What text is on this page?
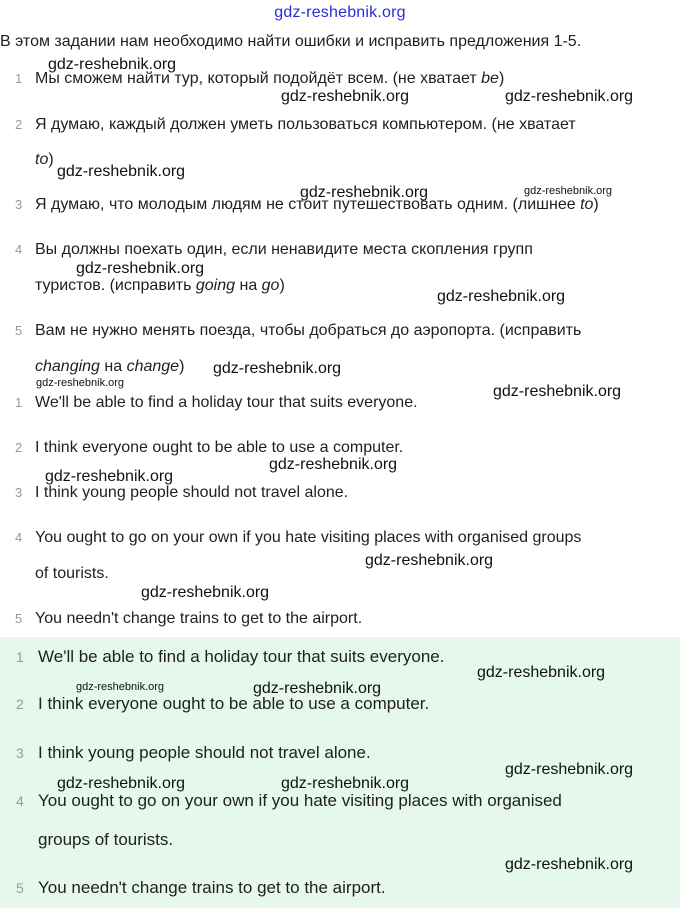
gdz-reshebnik.org
В этом задании нам необходимо найти ошибки и исправить предложения 1-5.
1 Мы сможем найти тур, который подойдёт всем. (не хватает be)
2 Я думаю, каждый должен уметь пользоваться компьютером. (не хватает
to)
3 Я думаю, что молодым людям не стоит путешествовать одним. (лишнее to)
4 Вы должны поехать один, если ненавидите места скопления групп
туристов. (исправить going на go)
5 Вам не нужно менять поезда, чтобы добраться до аэропорта. (исправить
changing на change)
1 We'll be able to find a holiday tour that suits everyone.
2 I think everyone ought to be able to use a computer.
3 I think young people should not travel alone.
4 You ought to go on your own if you hate visiting places with organised groups
of tourists.
5 You needn't change trains to get to the airport.
1 We'll be able to find a holiday tour that suits everyone.
2 I think everyone ought to be able to use a computer.
3 I think young people should not travel alone.
4 You ought to go on your own if you hate visiting places with organised
groups of tourists.
5 You needn't change trains to get to the airport.
gdz-reshebnik.org
gdz-reshebnik.org	gdz-reshebnik.org
gdz-reshebnik.org
gdz-reshebnik.org	gdz-reshebnik.org
gdz-reshebnik.org
gdz-reshebnik.org
gdz-reshebnik.org
gdz-reshebnik.org	gdz-reshebnik.org
gdz-reshebnik.org
gdz-reshebnik.org
gdz-reshebnik.org
gdz-reshebnik.org
gdz-reshebnik.org
gdz-reshebnik.org	gdz-reshebnik.org
gdz-reshebnik.org
gdz-reshebnik.org	gdz-reshebnik.org
gdz-reshebnik.org
